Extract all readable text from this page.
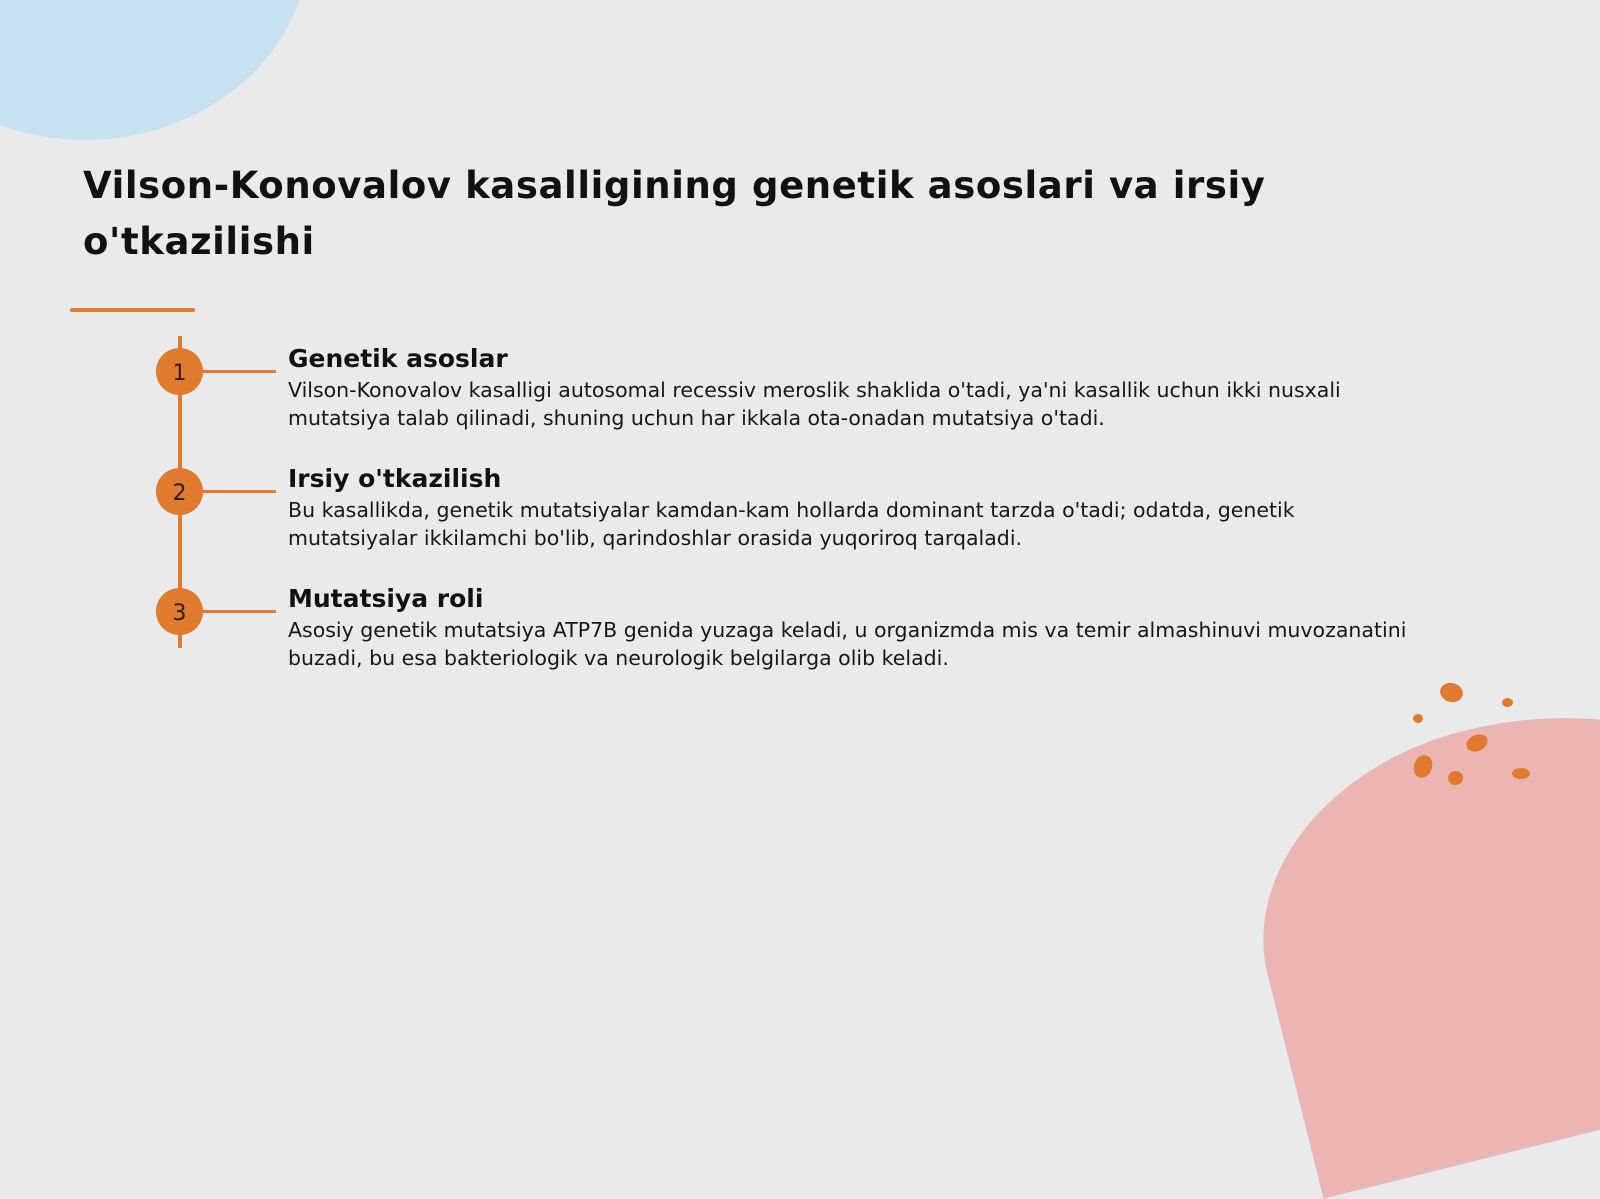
Vilson-Konovalov kasalligining genetik asoslari va irsiy o'tkazilishi
1
Genetik asoslar

Vilson-Konovalov kasalligi autosomal recessiv meroslik shaklida o'tadi, ya'ni kasallik uchun ikki nusxali mutatsiya talab qilinadi, shuning uchun har ikkala ota-onadan mutatsiya o'tadi.

2
Irsiy o'tkazilish

Bu kasallikda, genetik mutatsiyalar kamdan-kam hollarda dominant tarzda o'tadi; odatda, genetik mutatsiyalar ikkilamchi bo'lib, qarindoshlar orasida yuqoriroq tarqaladi.

3
Mutatsiya roli

Asosiy genetik mutatsiya ATP7B genida yuzaga keladi, u organizmda mis va temir almashinuvi muvozanatini buzadi, bu esa bakteriologik va neurologik belgilarga olib keladi.
